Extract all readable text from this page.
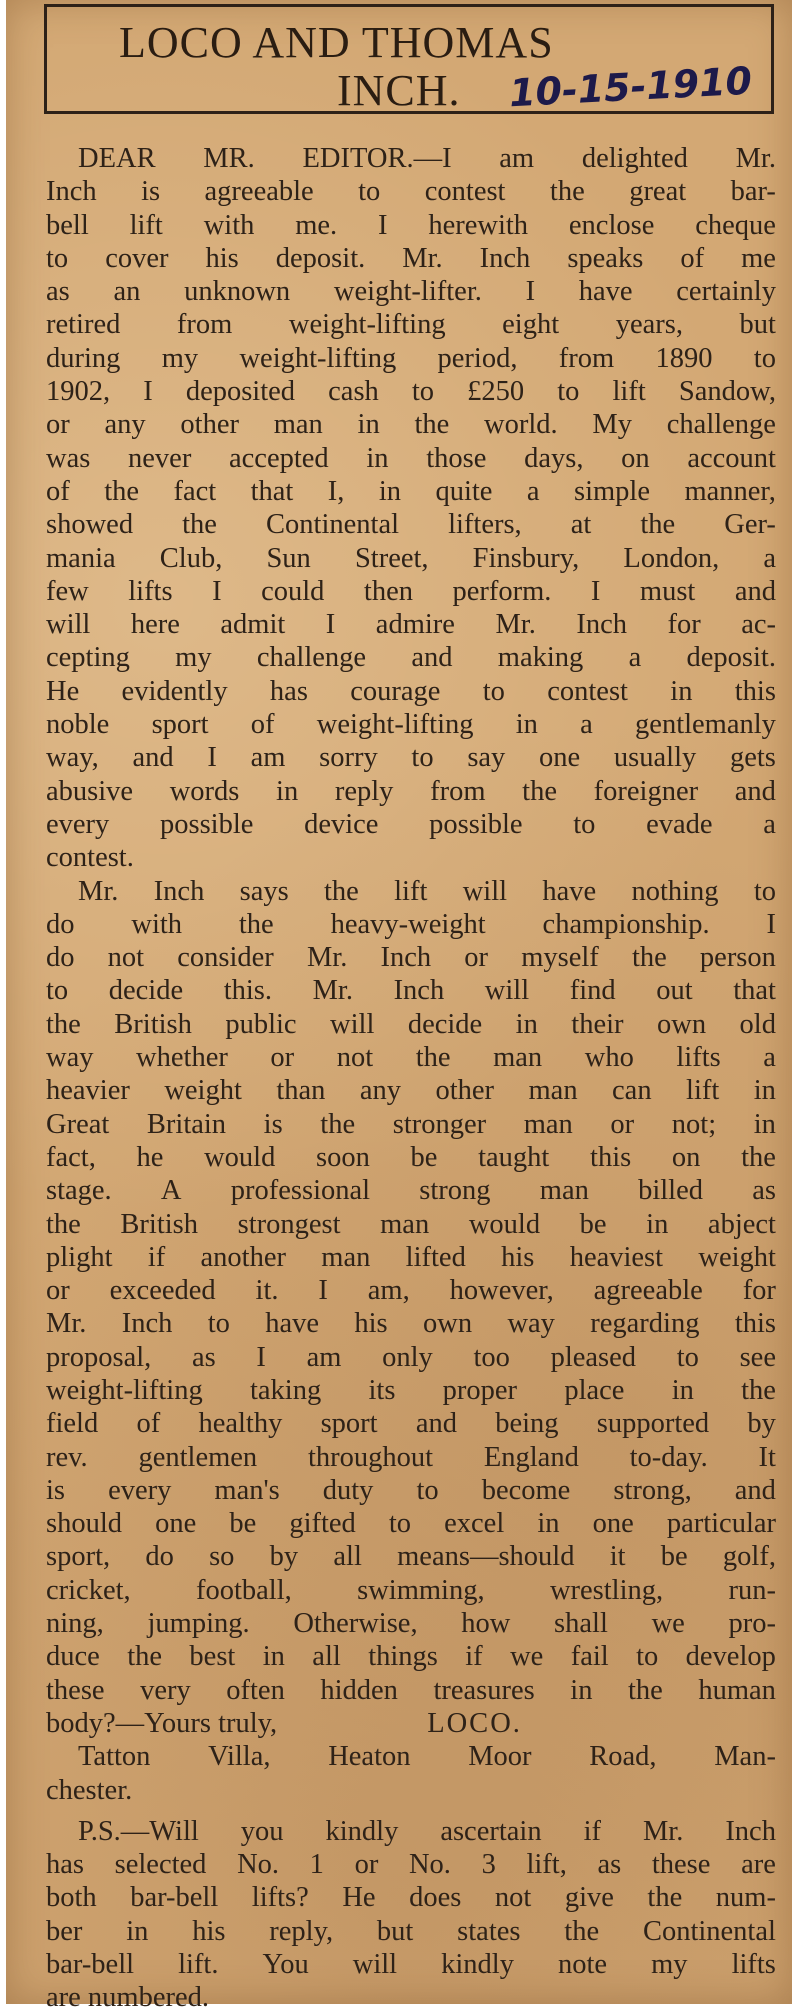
LOCO AND THOMAS
INCH. 10-15-1910
DEAR MR. EDITOR.—I am delighted Mr.
Inch is agreeable to contest the great bar-
bell lift with me. I herewith enclose cheque
to cover his deposit. Mr. Inch speaks of me
as an unknown weight-lifter. I have certainly
retired from weight-lifting eight years, but
during my weight-lifting period, from 1890 to
1902, I deposited cash to £250 to lift Sandow,
or any other man in the world. My challenge
was never accepted in those days, on account
of the fact that I, in quite a simple manner,
showed the Continental lifters, at the Ger-
mania Club, Sun Street, Finsbury, London, a
few lifts I could then perform. I must and
will here admit I admire Mr. Inch for ac-
cepting my challenge and making a deposit.
He evidently has courage to contest in this
noble sport of weight-lifting in a gentlemanly
way, and I am sorry to say one usually gets
abusive words in reply from the foreigner and
every possible device possible to evade a
contest.
Mr. Inch says the lift will have nothing to
do with the heavy-weight championship. I
do not consider Mr. Inch or myself the person
to decide this. Mr. Inch will find out that
the British public will decide in their own old
way whether or not the man who lifts a
heavier weight than any other man can lift in
Great Britain is the stronger man or not; in
fact, he would soon be taught this on the
stage. A professional strong man billed as
the British strongest man would be in abject
plight if another man lifted his heaviest weight
or exceeded it. I am, however, agreeable for
Mr. Inch to have his own way regarding this
proposal, as I am only too pleased to see
weight-lifting taking its proper place in the
field of healthy sport and being supported by
rev. gentlemen throughout England to-day. It
is every man's duty to become strong, and
should one be gifted to excel in one particular
sport, do so by all means—should it be golf,
cricket, football, swimming, wrestling, run-
ning, jumping. Otherwise, how shall we pro-
duce the best in all things if we fail to develop
these very often hidden treasures in the human
body?—Yours truly,	LOCO.
Tatton Villa, Heaton Moor Road, Man-
chester.
P.S.—Will you kindly ascertain if Mr. Inch
has selected No. 1 or No. 3 lift, as these are
both bar-bell lifts? He does not give the num-
ber in his reply, but states the Continental
bar-bell lift. You will kindly note my lifts
are numbered.
